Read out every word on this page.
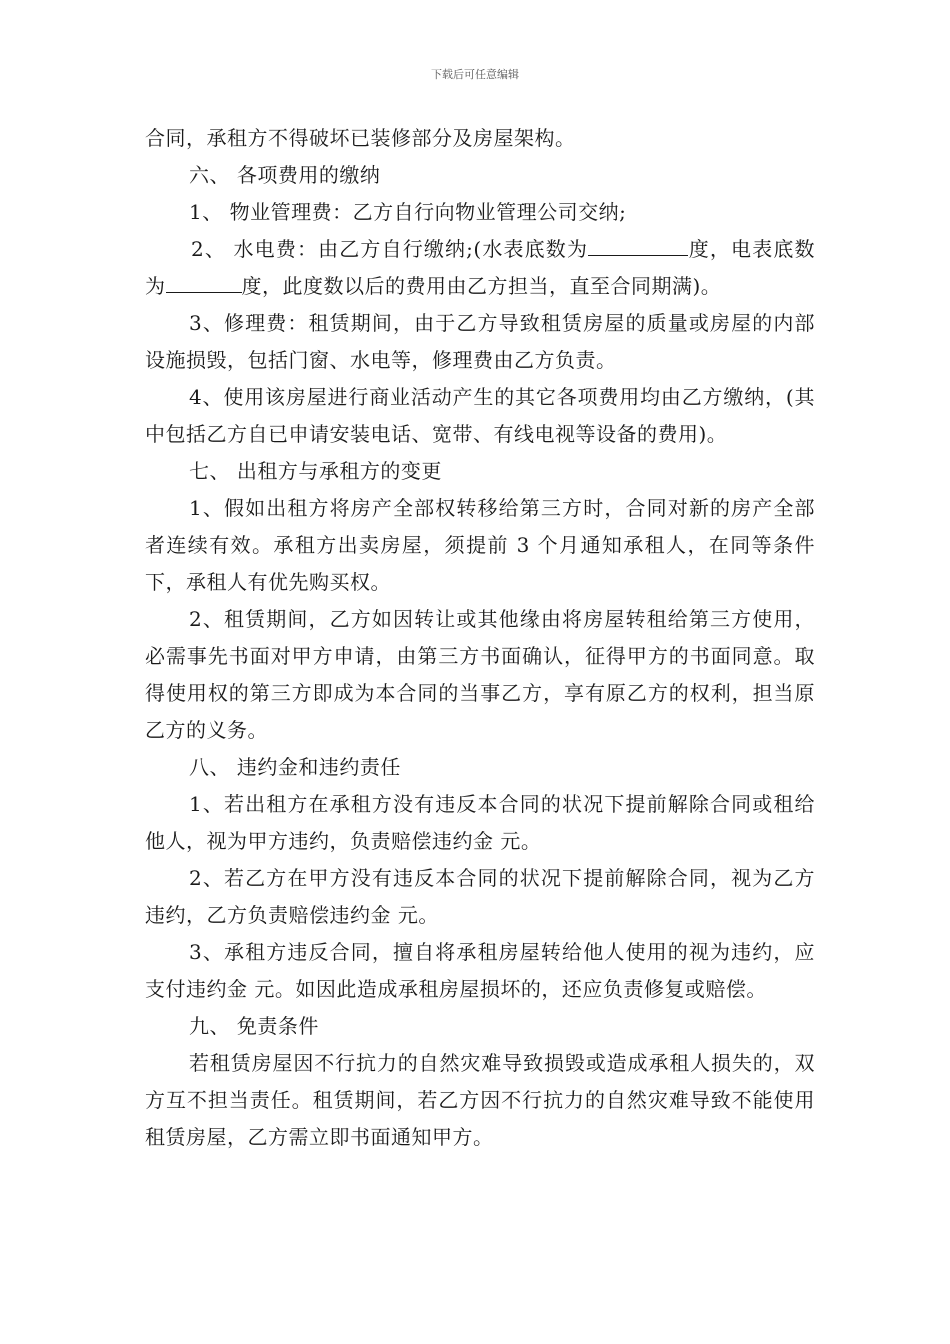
下载后可任意编辑

合同，承租方不得破坏已装修部分及房屋架构。

六、 各项费用的缴纳

1、 物业管理费：乙方自行向物业管理公司交纳;

2、 水电费：由乙方自行缴纳;(水表底数为	度，电表底数为	度，此度数以后的费用由乙方担当，直至合同期满)。

3、修理费：租赁期间，由于乙方导致租赁房屋的质量或房屋的内部设施损毁，包括门窗、水电等，修理费由乙方负责。

4、使用该房屋进行商业活动产生的其它各项费用均由乙方缴纳，(其中包括乙方自已申请安装电话、宽带、有线电视等设备的费用)。

七、 出租方与承租方的变更

1、假如出租方将房产全部权转移给第三方时，合同对新的房产全部者连续有效。承租方出卖房屋，须提前 3 个月通知承租人，在同等条件下，承租人有优先购买权。

2、租赁期间，乙方如因转让或其他缘由将房屋转租给第三方使用，必需事先书面对甲方申请，由第三方书面确认，征得甲方的书面同意。取得使用权的第三方即成为本合同的当事乙方，享有原乙方的权利，担当原乙方的义务。

八、 违约金和违约责任

1、若出租方在承租方没有违反本合同的状况下提前解除合同或租给他人，视为甲方违约，负责赔偿违约金 元。

2、若乙方在甲方没有违反本合同的状况下提前解除合同，视为乙方违约，乙方负责赔偿违约金 元。

3、承租方违反合同，擅自将承租房屋转给他人使用的视为违约，应支付违约金 元。如因此造成承租房屋损坏的，还应负责修复或赔偿。

九、 免责条件

若租赁房屋因不行抗力的自然灾难导致损毁或造成承租人损失的，双方互不担当责任。租赁期间，若乙方因不行抗力的自然灾难导致不能使用租赁房屋，乙方需立即书面通知甲方。
